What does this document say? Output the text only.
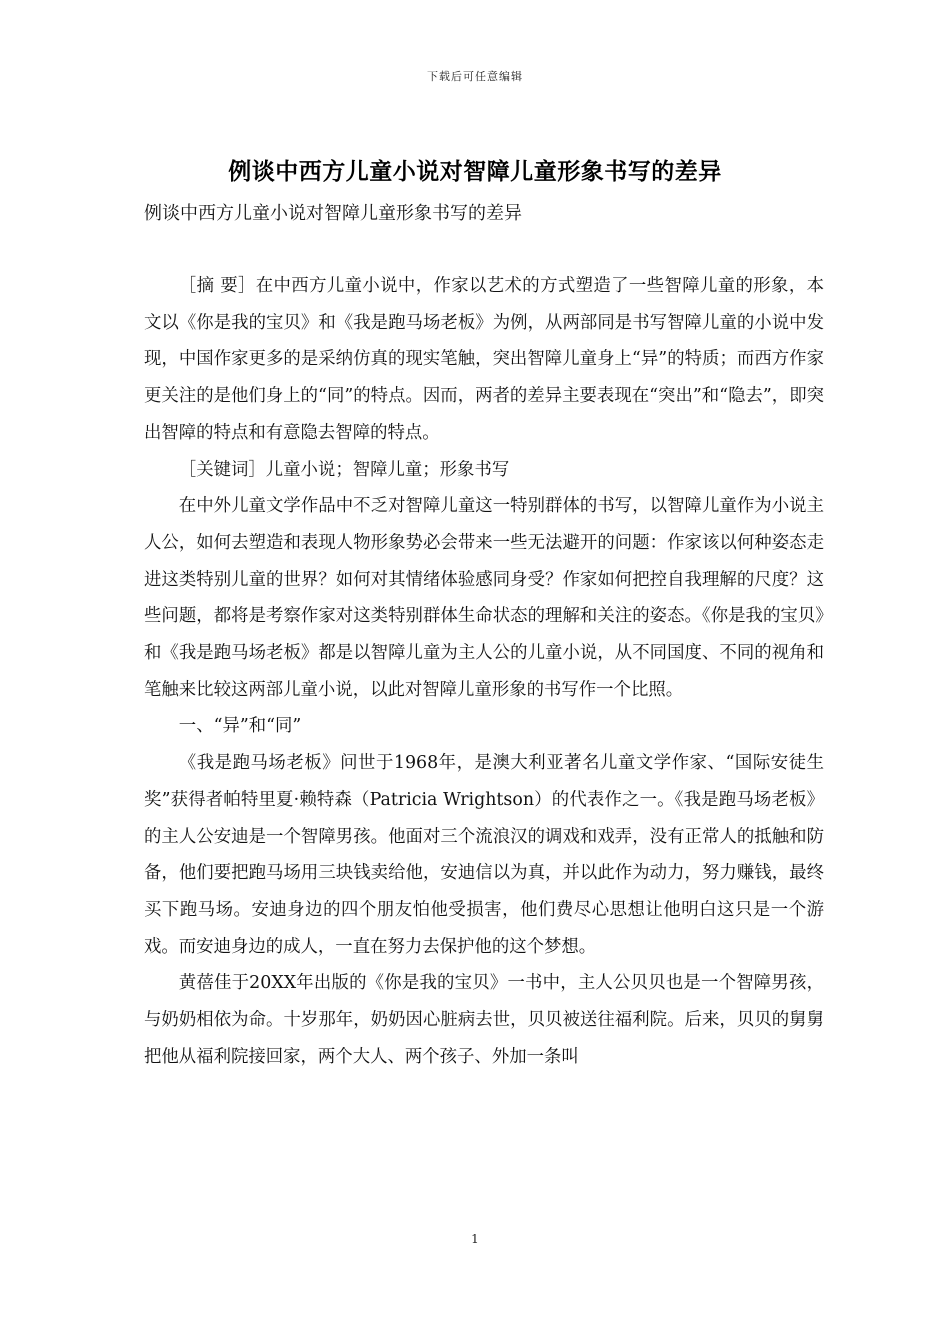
下载后可任意编辑
例谈中西方儿童小说对智障儿童形象书写的差异
例谈中西方儿童小说对智障儿童形象书写的差异

［摘 要］在中西方儿童小说中，作家以艺术的方式塑造了一些智障儿童的形象，本文以《你是我的宝贝》和《我是跑马场老板》为例，从两部同是书写智障儿童的小说中发现，中国作家更多的是采纳仿真的现实笔触，突出智障儿童身上“异”的特质；而西方作家更关注的是他们身上的“同”的特点。因而，两者的差异主要表现在“突出”和“隐去”，即突出智障的特点和有意隐去智障的特点。

［关键词］儿童小说；智障儿童；形象书写

在中外儿童文学作品中不乏对智障儿童这一特别群体的书写，以智障儿童作为小说主人公，如何去塑造和表现人物形象势必会带来一些无法避开的问题：作家该以何种姿态走进这类特别儿童的世界？如何对其情绪体验感同身受？作家如何把控自我理解的尺度？这些问题，都将是考察作家对这类特别群体生命状态的理解和关注的姿态。《你是我的宝贝》和《我是跑马场老板》都是以智障儿童为主人公的儿童小说，从不同国度、不同的视角和笔触来比较这两部儿童小说，以此对智障儿童形象的书写作一个比照。

一、“异”和“同”

《我是跑马场老板》问世于1968年，是澳大利亚著名儿童文学作家、“国际安徒生奖”获得者帕特里夏·赖特森（Patricia Wrightson）的代表作之一。《我是跑马场老板》的主人公安迪是一个智障男孩。他面对三个流浪汉的调戏和戏弄，没有正常人的抵触和防备，他们要把跑马场用三块钱卖给他，安迪信以为真，并以此作为动力，努力赚钱，最终买下跑马场。安迪身边的四个朋友怕他受损害，他们费尽心思想让他明白这只是一个游戏。而安迪身边的成人，一直在努力去保护他的这个梦想。

黄蓓佳于20XX年出版的《你是我的宝贝》一书中，主人公贝贝也是一个智障男孩，与奶奶相依为命。十岁那年，奶奶因心脏病去世，贝贝被送往福利院。后来，贝贝的舅舅把他从福利院接回家，两个大人、两个孩子、外加一条叫

1
